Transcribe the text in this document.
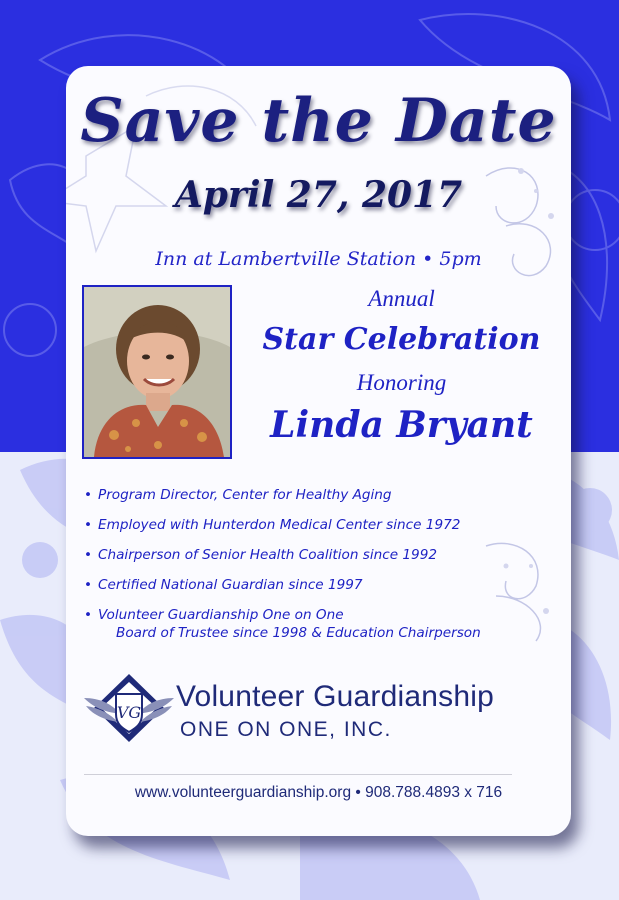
Save the Date
April 27, 2017
Inn at Lambertville Station • 5pm
Annual
Star Celebration
Honoring
Linda Bryant
• Program Director, Center for Healthy Aging
• Employed with Hunterdon Medical Center since 1972
• Chairperson of Senior Health Coalition since 1992
• Certified National Guardian since 1997
• Volunteer Guardianship One on One
Board of Trustee since 1998 & Education Chairperson
VG Volunteer Guardianship
ONE ON ONE, INC.
www.volunteerguardianship.org • 908.788.4893 x 716
